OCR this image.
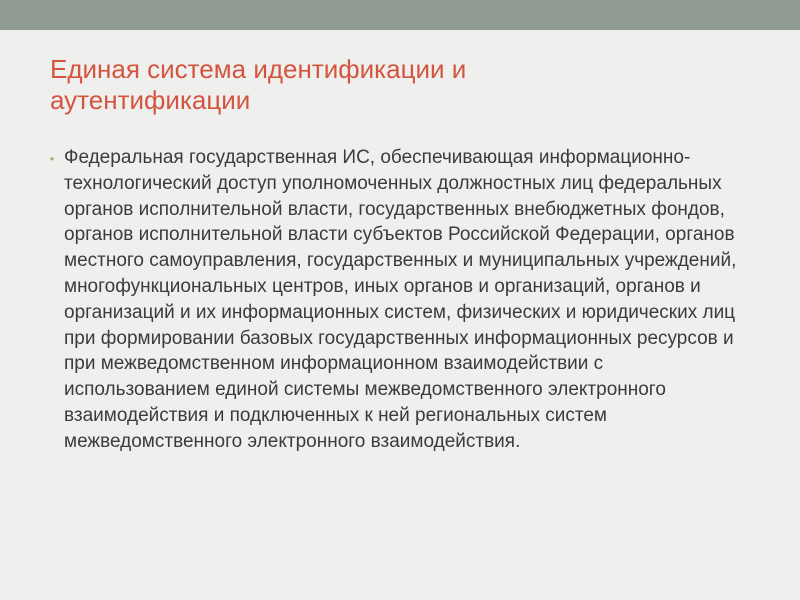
Единая система идентификации и аутентификации
• Федеральная государственная ИС, обеспечивающая информационно-технологический доступ уполномоченных должностных лиц федеральных органов исполнительной власти, государственных внебюджетных фондов, органов исполнительной власти субъектов Российской Федерации, органов местного самоуправления, государственных и муниципальных учреждений, многофункциональных центров, иных органов и организаций, органов и организаций и их информационных систем, физических и юридических лиц при формировании базовых государственных информационных ресурсов и при межведомственном информационном взаимодействии с использованием единой системы межведомственного электронного взаимодействия и подключенных к ней региональных систем межведомственного электронного взаимодействия.
